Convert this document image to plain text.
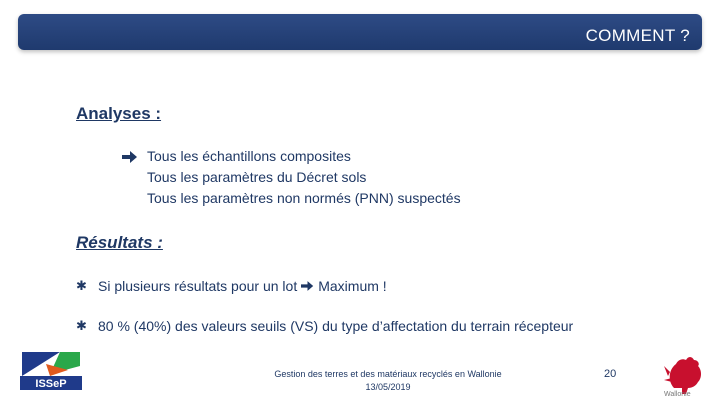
COMMENT ?
Analyses :
Tous les échantillons composites
Tous les paramètres du Décret sols
Tous les paramètres non normés (PNN) suspectés
Résultats :
✱ Si plusieurs résultats pour un lot Maximum !
✱ 80 % (40%) des valeurs seuils (VS) du type d’affectation du terrain récepteur
ISSeP
Gestion des terres et des matériaux recyclés en Wallonie
13/05/2019
20
Wallonie
